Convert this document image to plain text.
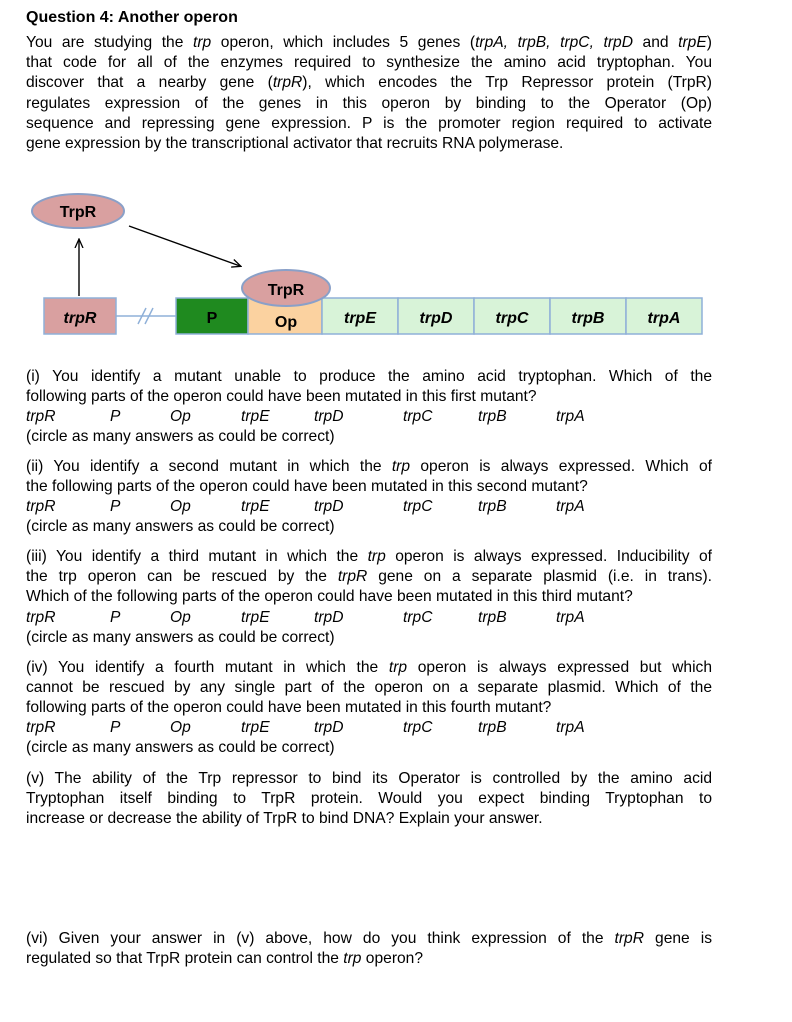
Question 4: Another operon
You are studying the trp operon, which includes 5 genes (trpA, trpB, trpC, trpD and trpE)
that code for all of the enzymes required to synthesize the amino acid tryptophan. You
discover that a nearby gene (trpR), which encodes the Trp Repressor protein (TrpR)
regulates expression of the genes in this operon by binding to the Operator (Op)
sequence and repressing gene expression. P is the promoter region required to activate
gene expression by the transcriptional activator that recruits RNA polymerase.
TrpR
trpR	P	trpE	trpD	trpC	trpB	trpA
TrpR
Op
(i) You identify a mutant unable to produce the amino acid tryptophan. Which of the
following parts of the operon could have been mutated in this first mutant?
trpR	P	Op	trpE	trpD	trpC	trpB	trpA
(circle as many answers as could be correct)
(ii) You identify a second mutant in which the trp operon is always expressed. Which of
the following parts of the operon could have been mutated in this second mutant?
trpR	P	Op	trpE	trpD	trpC	trpB	trpA
(circle as many answers as could be correct)
(iii) You identify a third mutant in which the trp operon is always expressed. Inducibility of
the trp operon can be rescued by the trpR gene on a separate plasmid (i.e. in trans).
Which of the following parts of the operon could have been mutated in this third mutant?
trpR	P	Op	trpE	trpD	trpC	trpB	trpA
(circle as many answers as could be correct)
(iv) You identify a fourth mutant in which the trp operon is always expressed but which
cannot be rescued by any single part of the operon on a separate plasmid. Which of the
following parts of the operon could have been mutated in this fourth mutant?
trpR	P	Op	trpE	trpD	trpC	trpB	trpA
(circle as many answers as could be correct)
(v) The ability of the Trp repressor to bind its Operator is controlled by the amino acid
Tryptophan itself binding to TrpR protein. Would you expect binding Tryptophan to
increase or decrease the ability of TrpR to bind DNA? Explain your answer.
(vi) Given your answer in (v) above, how do you think expression of the trpR gene is
regulated so that TrpR protein can control the trp operon?
